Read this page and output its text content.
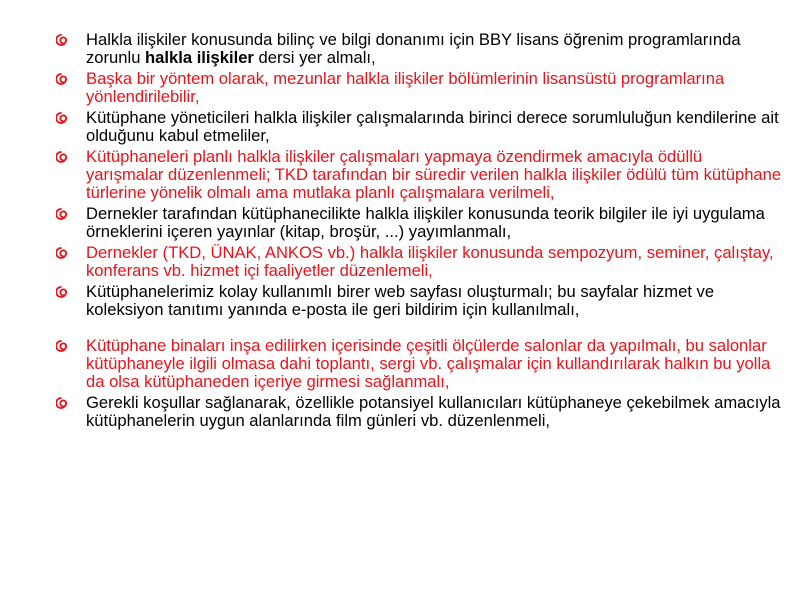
Halkla ilişkiler konusunda bilinç ve bilgi donanımı için BBY lisans öğrenim programlarında zorunlu halkla ilişkiler dersi yer almalı,
Başka bir yöntem olarak, mezunlar halkla ilişkiler bölümlerinin lisansüstü programlarına yönlendirilebilir,
Kütüphane yöneticileri halkla ilişkiler çalışmalarında birinci derece sorumluluğun kendilerine ait olduğunu kabul etmeliler,
Kütüphaneleri planlı halkla ilişkiler çalışmaları yapmaya özendirmek amacıyla ödüllü yarışmalar düzenlenmeli; TKD tarafından bir süredir verilen halkla ilişkiler ödülü tüm kütüphane türlerine yönelik olmalı ama mutlaka planlı çalışmalara verilmeli,
Dernekler tarafından kütüphanecilikte halkla ilişkiler konusunda teorik bilgiler ile iyi uygulama örneklerini içeren yayınlar (kitap, broşür, ...) yayımlanmalı,
Dernekler (TKD, ÜNAK, ANKOS vb.) halkla ilişkiler konusunda sempozyum, seminer, çalıştay, konferans vb. hizmet içi faaliyetler düzenlemeli,
Kütüphanelerimiz kolay kullanımlı birer web sayfası oluşturmalı; bu sayfalar hizmet ve koleksiyon tanıtımı yanında e-posta ile geri bildirim için kullanılmalı,
Kütüphane binaları inşa edilirken içerisinde çeşitli ölçülerde salonlar da yapılmalı, bu salonlar kütüphaneyle ilgili olmasa dahi toplantı, sergi vb. çalışmalar için kullandırılarak halkın bu yolla da olsa kütüphaneden içeriye girmesi sağlanmalı,
Gerekli koşullar sağlanarak, özellikle potansiyel kullanıcıları kütüphaneye çekebilmek amacıyla kütüphanelerin uygun alanlarında film günleri vb. düzenlenmeli,
